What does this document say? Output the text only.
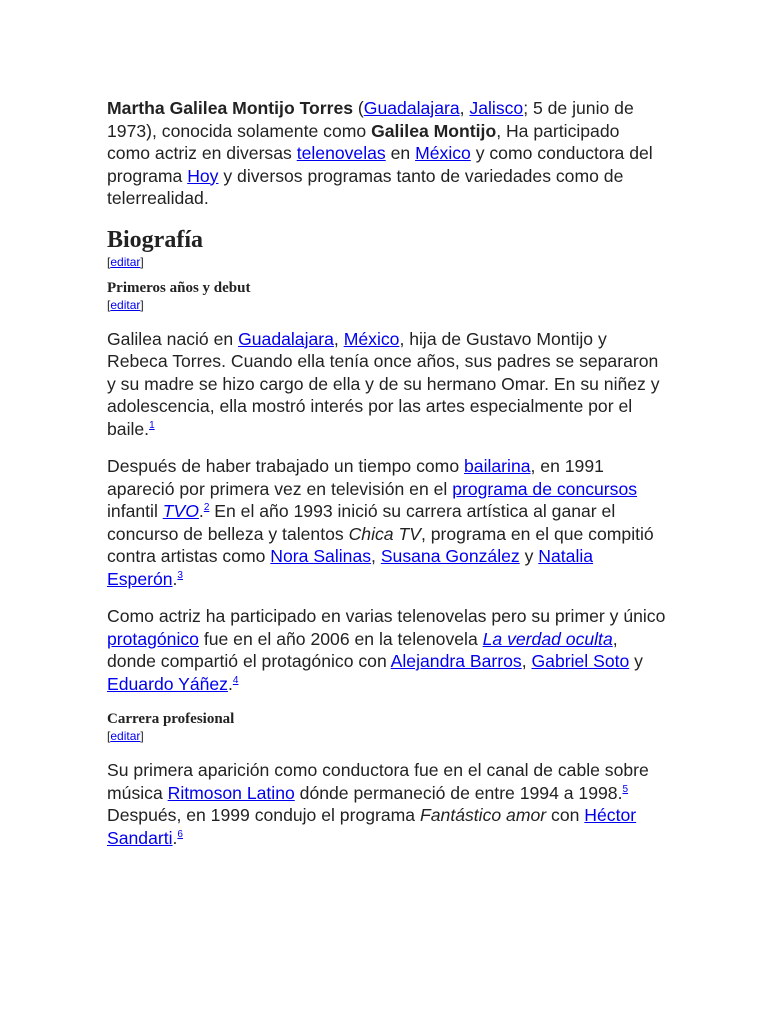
Martha Galilea Montijo Torres (Guadalajara, Jalisco; 5 de junio de 1973), conocida solamente como Galilea Montijo, Ha participado como actriz en diversas telenovelas en México y como conductora del programa Hoy y diversos programas tanto de variedades como de telerrealidad.

Biografía

[editar]

Primeros años y debut

[editar]

Galilea nació en Guadalajara, México, hija de Gustavo Montijo y Rebeca Torres. Cuando ella tenía once años, sus padres se separaron y su madre se hizo cargo de ella y de su hermano Omar. En su niñez y adolescencia, ella mostró interés por las artes especialmente por el baile.$^1$

Después de haber trabajado un tiempo como bailarina, en 1991 apareció por primera vez en televisión en el programa de concursos infantil TVO.$^2$ En el año 1993 inició su carrera artística al ganar el concurso de belleza y talentos Chica TV, programa en el que compitió contra artistas como Nora Salinas, Susana González y Natalia Esperón.$^3$

Como actriz ha participado en varias telenovelas pero su primer y único protagónico fue en el año 2006 en la telenovela La verdad oculta, donde compartió el protagónico con Alejandra Barros, Gabriel Soto y Eduardo Yáñez.$^4$

Carrera profesional

[editar]

Su primera aparición como conductora fue en el canal de cable sobre música Ritmoson Latino dónde permaneció de entre 1994 a 1998.$^5$ Después, en 1999 condujo el programa Fantástico amor con Héctor Sandarti.$^6$
